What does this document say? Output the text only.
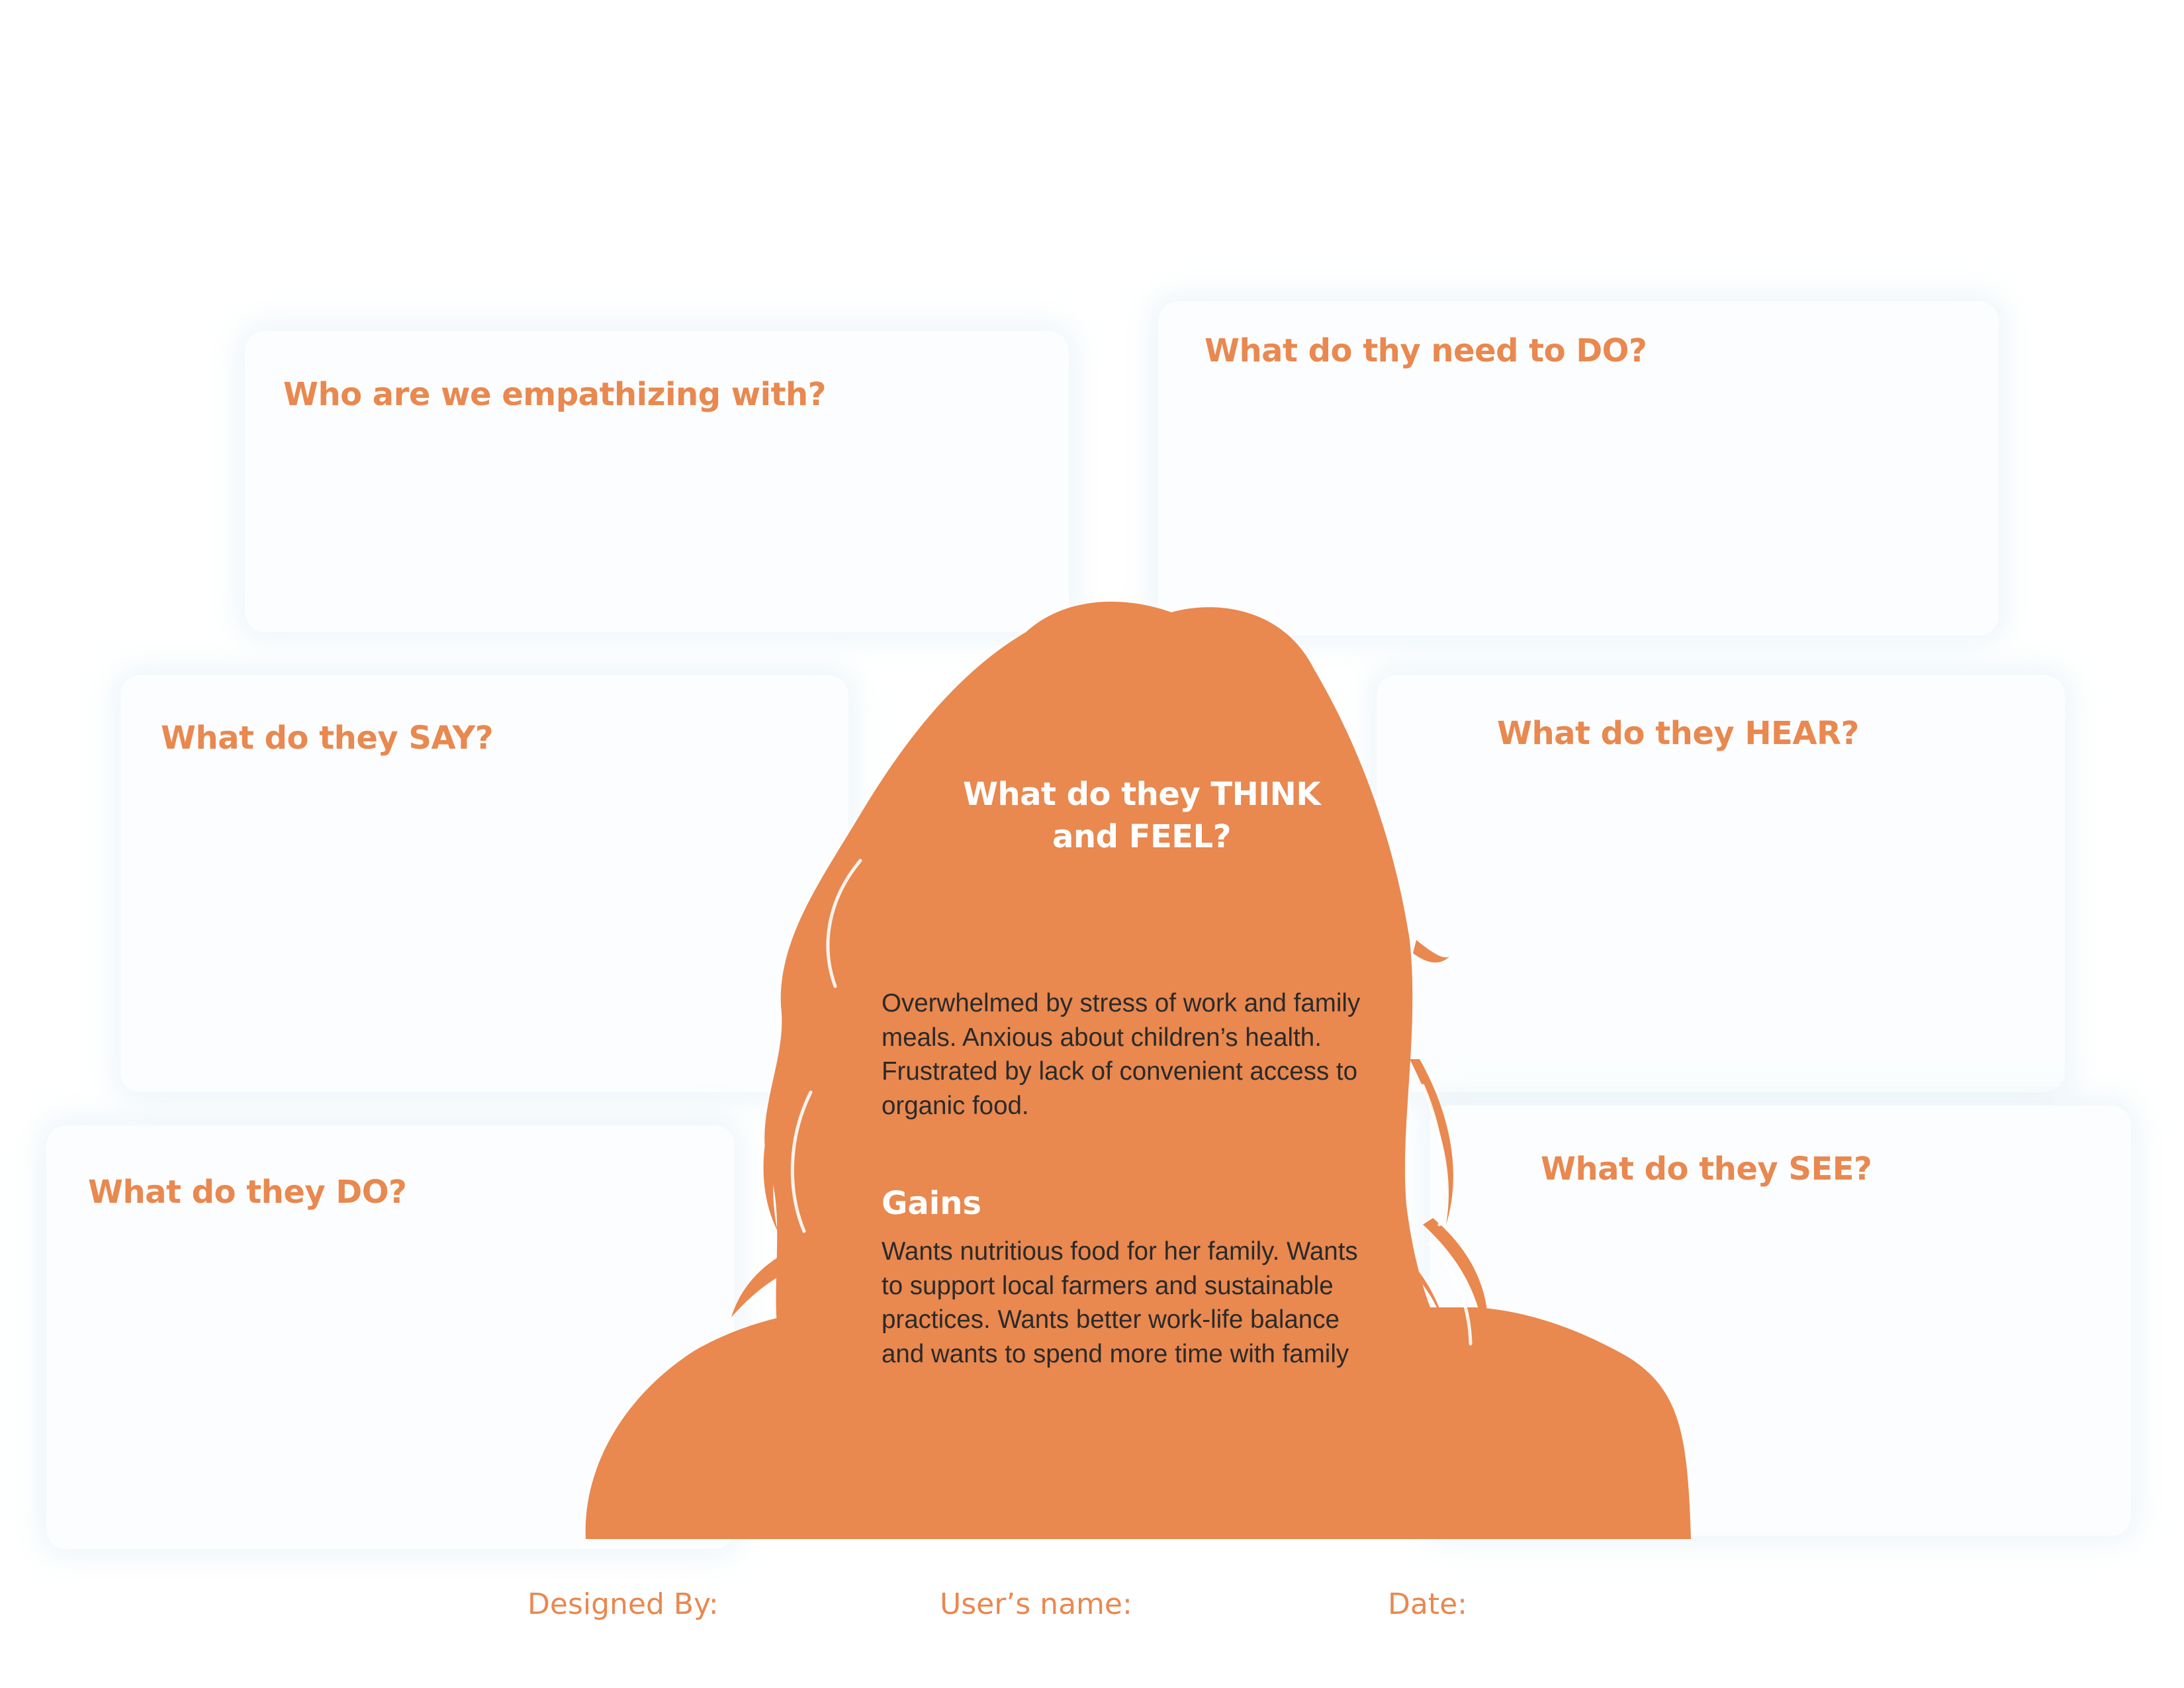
Who are we empathizing with?
What do thy need to DO?
What do they SAY?	What do they HEAR?
What do they DO?
What do they SEE?
What do they THINK
and FEEL?

Overwhelmed by stress of work and family meals. Anxious about children’s health. Frustrated by lack of convenient access to organic food.

Gains

Wants nutritious food for her family. Wants to support local farmers and sustainable practices. Wants better work-life balance and wants to spend more time with family

Designed By:	User’s name:	Date:
